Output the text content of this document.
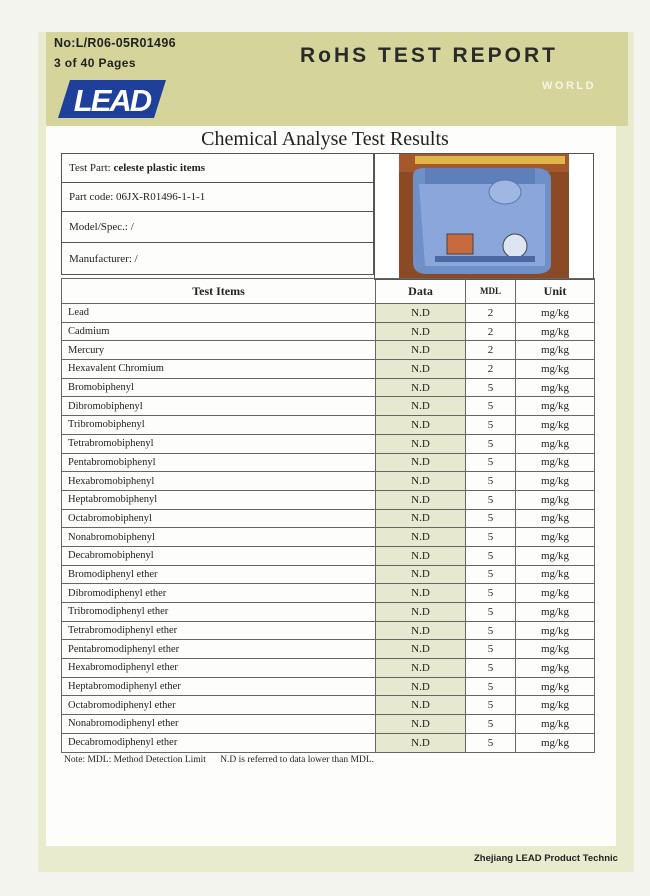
No:L/R06-05R01496
3 of 40 Pages	RoHS TEST REPORT
WORLD
LEAD
Chemical Analyse Test Results
Test Part: celeste plastic items
Part code: 06JX-R01496-1-1-1
Model/Spec.: /
Manufacturer: /
Test Items	Data	MDL	Unit
Lead	N.D	2	mg/kg
Cadmium	N.D	2	mg/kg
Mercury	N.D	2	mg/kg
Hexavalent Chromium	N.D	2	mg/kg
Bromobiphenyl	N.D	5	mg/kg
Dibromobiphenyl	N.D	5	mg/kg
Tribromobiphenyl	N.D	5	mg/kg
Tetrabromobiphenyl	N.D	5	mg/kg
Pentabromobiphenyl	N.D	5	mg/kg
Hexabromobiphenyl	N.D	5	mg/kg
Heptabromobiphenyl	N.D	5	mg/kg
Octabromobiphenyl	N.D	5	mg/kg
Nonabromobiphenyl	N.D	5	mg/kg
Decabromobiphenyl	N.D	5	mg/kg
Bromodiphenyl ether	N.D	5	mg/kg
Dibromodiphenyl ether	N.D	5	mg/kg
Tribromodiphenyl ether	N.D	5	mg/kg
Tetrabromodiphenyl ether	N.D	5	mg/kg
Pentabromodiphenyl ether	N.D	5	mg/kg
Hexabromodiphenyl ether	N.D	5	mg/kg
Heptabromodiphenyl ether	N.D	5	mg/kg
Octabromodiphenyl ether	N.D	5	mg/kg
Nonabromodiphenyl ether	N.D	5	mg/kg
Decabromodiphenyl ether	N.D	5	mg/kg
Note: MDL: Method Detection Limit      N.D is referred to data lower than MDL.
Zhejiang LEAD Product Technic
